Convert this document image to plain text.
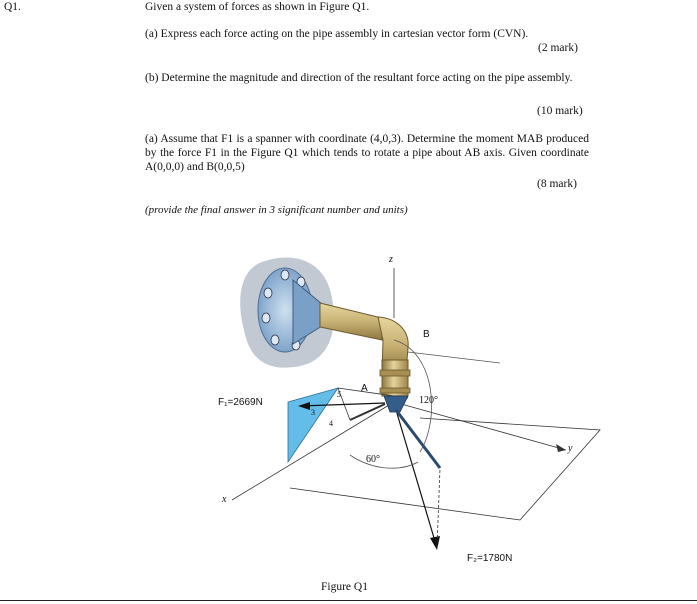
Q1.	Given a system of forces as shown in Figure Q1.
(a) Express each force acting on the pipe assembly in cartesian vector form (CVN).
(2 mark)
(b) Determine the magnitude and direction of the resultant force acting on the pipe assembly.
(10 mark)
(a) Assume that F1 is a spanner with coordinate (4,0,3). Determine the moment MAB produced by the force F1 in the Figure Q1 which tends to rotate a pipe about AB axis. Given coordinate A(0,0,0) and B(0,0,5)
(8 mark)
(provide the final answer in 3 significant number and units)
z
B
A
F₁=2669N	120°
60°
5
3
4
x
y
F₂=1780N
Figure Q1
